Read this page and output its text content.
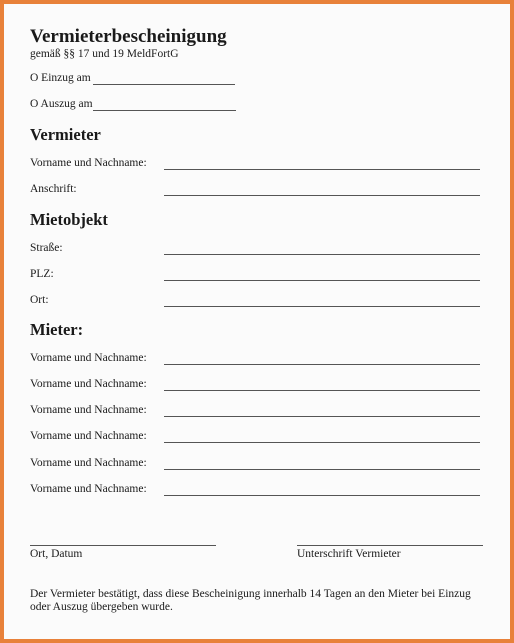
Vermieterbescheinigung
gemäß §§ 17 und 19 MeldFortG
O Einzug am
O Auszug am
Vermieter
Vorname und Nachname:
Anschrift:
Mietobjekt
Straße:
PLZ:
Ort:
Mieter:
Vorname und Nachname:
Vorname und Nachname:
Vorname und Nachname:
Vorname und Nachname:
Vorname und Nachname:
Vorname und Nachname:
Ort, Datum	Unterschrift Vermieter
Der Vermieter bestätigt, dass diese Bescheinigung innerhalb 14 Tagen an den Mieter bei Einzug oder Auszug übergeben wurde.
